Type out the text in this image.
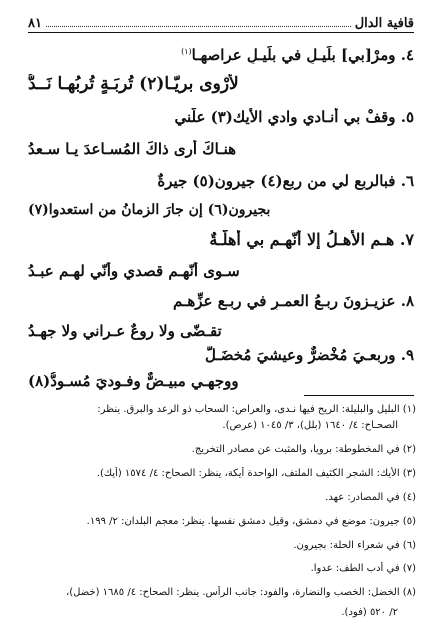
قافية الدال
٨١
٤. ومرْ[بي] بلَيـلٍ في بلَيـلٍ عراصهـا$^{(١)}$
لأرْوى بريّـا(٢) تُربَـةٍ تُربُهـا نَــدُّ
٥. وقفْ بي أنـادي وادي الأيك(٣) علّني
هنـاكَ أرى ذاكَ المُسـاعدَ يـا سـعدُ
٦. فبالربع لي من ربع(٤) جيرون(٥) جيرةٌ
بجيرون(٦) إن جارَ الزمانُ من استعدوا(٧)
٧. هـم الأهـلُ إلا أنّهـم بي أهلّـةٌ
سـوى أنّهـم قصدي وأنّي لهـم عبـدُ
٨. عزيـزونَ ربـعُ العمـرِ في ربـعِ عزِّهـم
تقـضّى ولا روعٌ عـراني ولا جهـدُ
٩. وربعـيَ مُخْضرٌّ وعيشيَ مُخضَـلُّ
ووجهـي مبيـضٌّ وفـوديَ مُسـودُّ(٨)
(١) البليل والبليلة: الريح فيها نـدى، والعراص: السحاب ذو الرعد والبرق. ينظر:
الصحـاح: ٤/ ١٦٤٠ (بلل)، ٣/ ١٠٤٥ (عرص).
(٢) في المخطوطة: برويا، والمثبت عن مصادر التخريج.
(٣) الأيك: الشجر الكثيف الملتف، الواحدة أيكة، ينظر: الصحاح: ٤/ ١٥٧٤ (أيك).
(٤) في المصادر: عهد.
(٥) جيرون: موضع في دمشق، وقيل دمشق نفسها. ينظر: معجم البلدان: ٢/ ١٩٩.
(٦) في شعراء الحلة: بجيرون.
(٧) في أدب الطف: عدوا.
(٨) الخضل: الخصب والنضارة، والفود: جانب الرأس. ينظر: الصحاح: ٤/ ١٦٨٥ (خضل)،
٢/ ٥٢٠ (فود).
